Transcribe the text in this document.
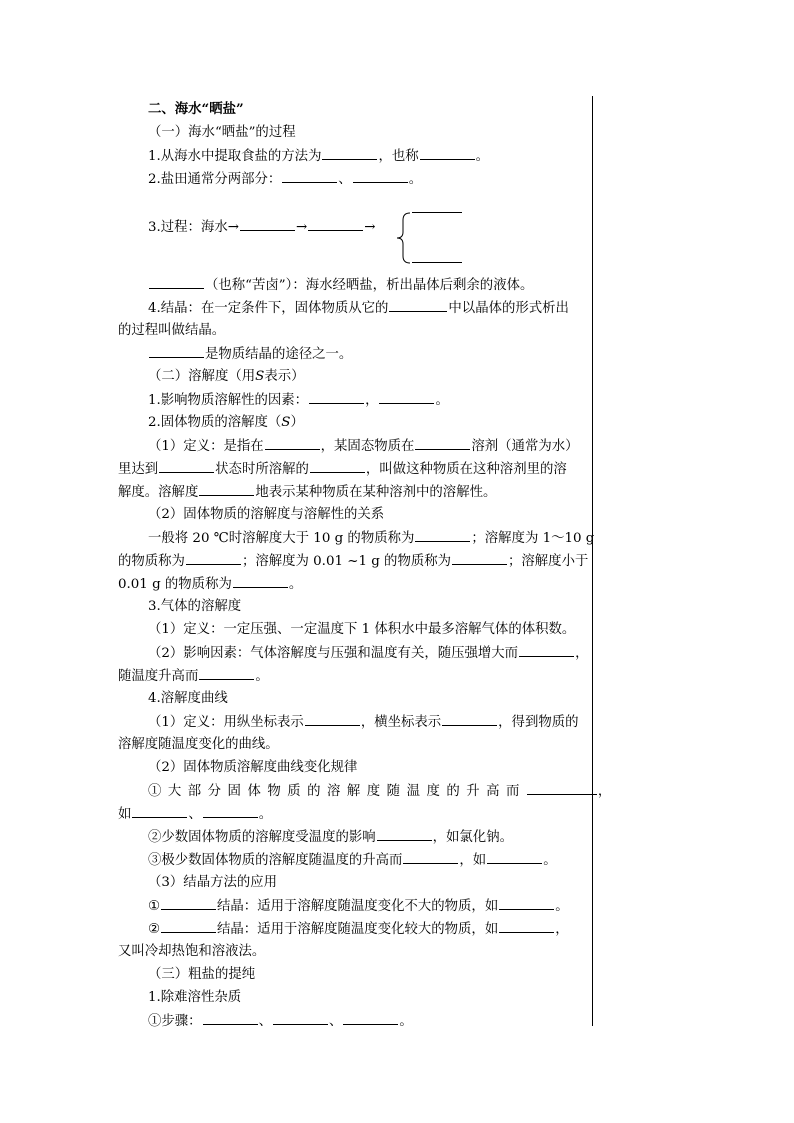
二、海水“晒盐”
（一）海水“晒盐”的过程
1.从海水中提取食盐的方法为	，也称	。
2.盐田通常分两部分：	、	。
3.过程：海水→	→	→
（也称“苦卤”）：海水经晒盐，析出晶体后剩余的液体。
4.结晶：在一定条件下，固体物质从它的	中以晶体的形式析出
的过程叫做结晶。
是物质结晶的途径之一。
（二）溶解度（用S表示）
1.影响物质溶解性的因素：	，	。
2.固体物质的溶解度（S）
（1）定义：是指在	，某固态物质在	溶剂（通常为水）
里达到	状态时所溶解的	，叫做这种物质在这种溶剂里的溶
解度。溶解度	地表示某种物质在某种溶剂中的溶解性。
（2）固体物质的溶解度与溶解性的关系
一般将 20 ℃时溶解度大于 10 g 的物质称为	；溶解度为 1～10 g
的物质称为	；溶解度为 0.01 ~1 g 的物质称为	；溶解度小于
0.01 g 的物质称为	。
3.气体的溶解度
（1）定义：一定压强、一定温度下 1 体积水中最多溶解气体的体积数。
（2）影响因素：气体溶解度与压强和温度有关，随压强增大而	，
随温度升高而	。
4.溶解度曲线
（1）定义：用纵坐标表示	，横坐标表示	，得到物质的
溶解度随温度变化的曲线。
（2）固体物质溶解度曲线变化规律
①大部分固体物质的溶解度随温度的升高而	，
如	、	。
②少数固体物质的溶解度受温度的影响	，如氯化钠。
③极少数固体物质的溶解度随温度的升高而	，如	。
（3）结晶方法的应用
①	结晶：适用于溶解度随温度变化不大的物质，如	。
②	结晶：适用于溶解度随温度变化较大的物质，如	，
又叫冷却热饱和溶液法。
（三）粗盐的提纯
1.除难溶性杂质
①步骤：	、	、	。
